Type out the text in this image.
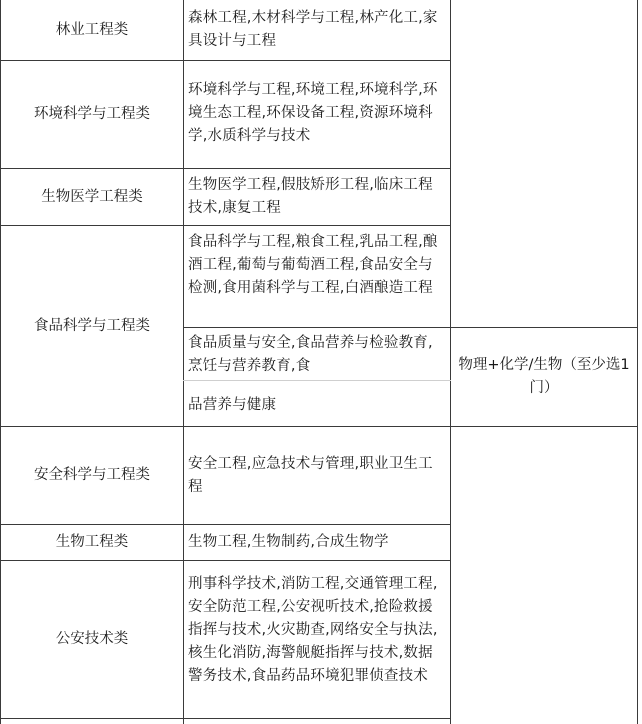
林业工程类
森林工程,木材科学与工程,林产化工,家具设计与工程
环境科学与工程类
环境科学与工程,环境工程,环境科学,环境生态工程,环保设备工程,资源环境科学,水质科学与技术
生物医学工程类
生物医学工程,假肢矫形工程,临床工程技术,康复工程
食品科学与工程类
食品科学与工程,粮食工程,乳品工程,酿酒工程,葡萄与葡萄酒工程,食品安全与检测,食用菌科学与工程,白酒酿造工程
食品质量与安全,食品营养与检验教育,烹饪与营养教育,食
品营养与健康
物理+化学/生物（至少选1门）
安全科学与工程类
安全工程,应急技术与管理,职业卫生工程
生物工程类	生物工程,生物制药,合成生物学
公安技术类
刑事科学技术,消防工程,交通管理工程,安全防范工程,公安视听技术,抢险救援指挥与技术,火灾勘查,网络安全与执法,核生化消防,海警舰艇指挥与技术,数据警务技术,食品药品环境犯罪侦查技术
